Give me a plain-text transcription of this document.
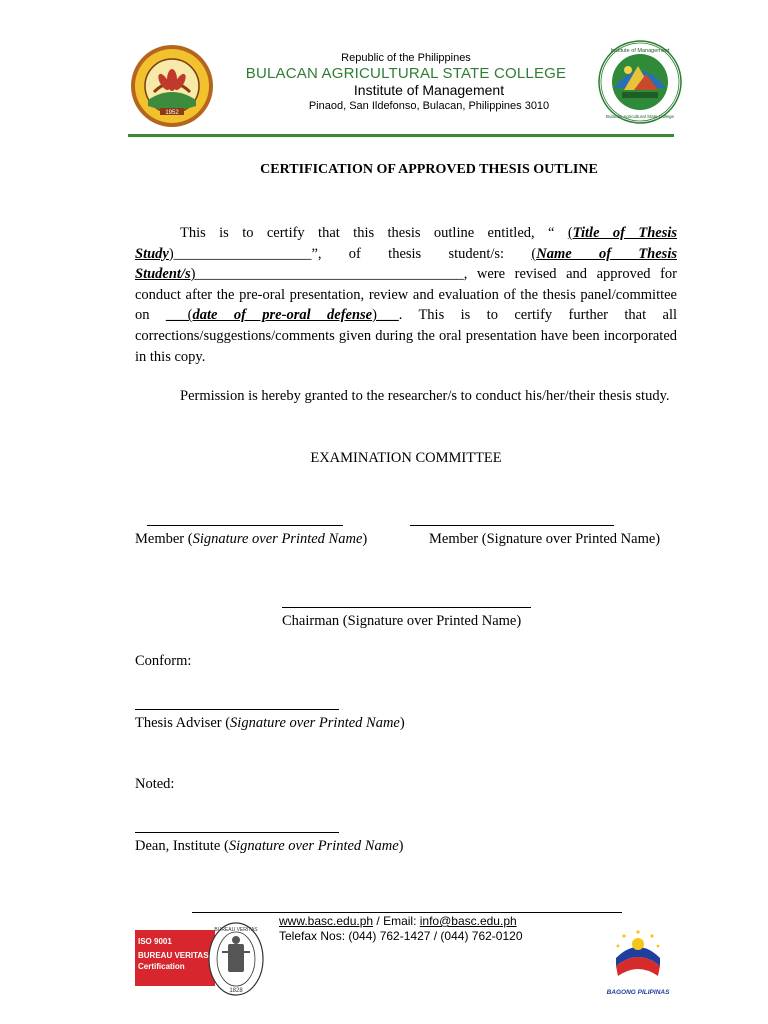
1952
Republic of the Philippines
BULACAN AGRICULTURAL STATE COLLEGE
Institute of Management
Pinaod, San Ildefonso, Bulacan, Philippines 3010
Institute of Management
Bulacan Agricultural State College
CERTIFICATION OF APPROVED THESIS OUTLINE
This is to certify that this thesis outline entitled, “ (Title of Thesis Study)___________________”, of thesis student/s: (Name of Thesis Student/s)_____________________________________, were revised and approved for conduct after the pre-oral presentation, review and evaluation of the thesis panel/committee on ___(date of pre-oral defense)___. This is to certify further that all corrections/suggestions/comments given during the oral presentation have been incorporated in this copy.
Permission is hereby granted to the researcher/s to conduct his/her/their thesis study.
EXAMINATION COMMITTEE
Member (Signature over Printed Name)	Member (Signature over Printed Name)
Chairman (Signature over Printed Name)
Conform:
Thesis Adviser (Signature over Printed Name)
Noted:
Dean, Institute (Signature over Printed Name)
www.basc.edu.ph / Email: info@basc.edu.ph
Telefax Nos: (044) 762-1427 / (044) 762-0120
ISO 9001
BUREAU VERITAS
Certification
BUREAU VERITAS
1828	BAGONG PILIPINAS
